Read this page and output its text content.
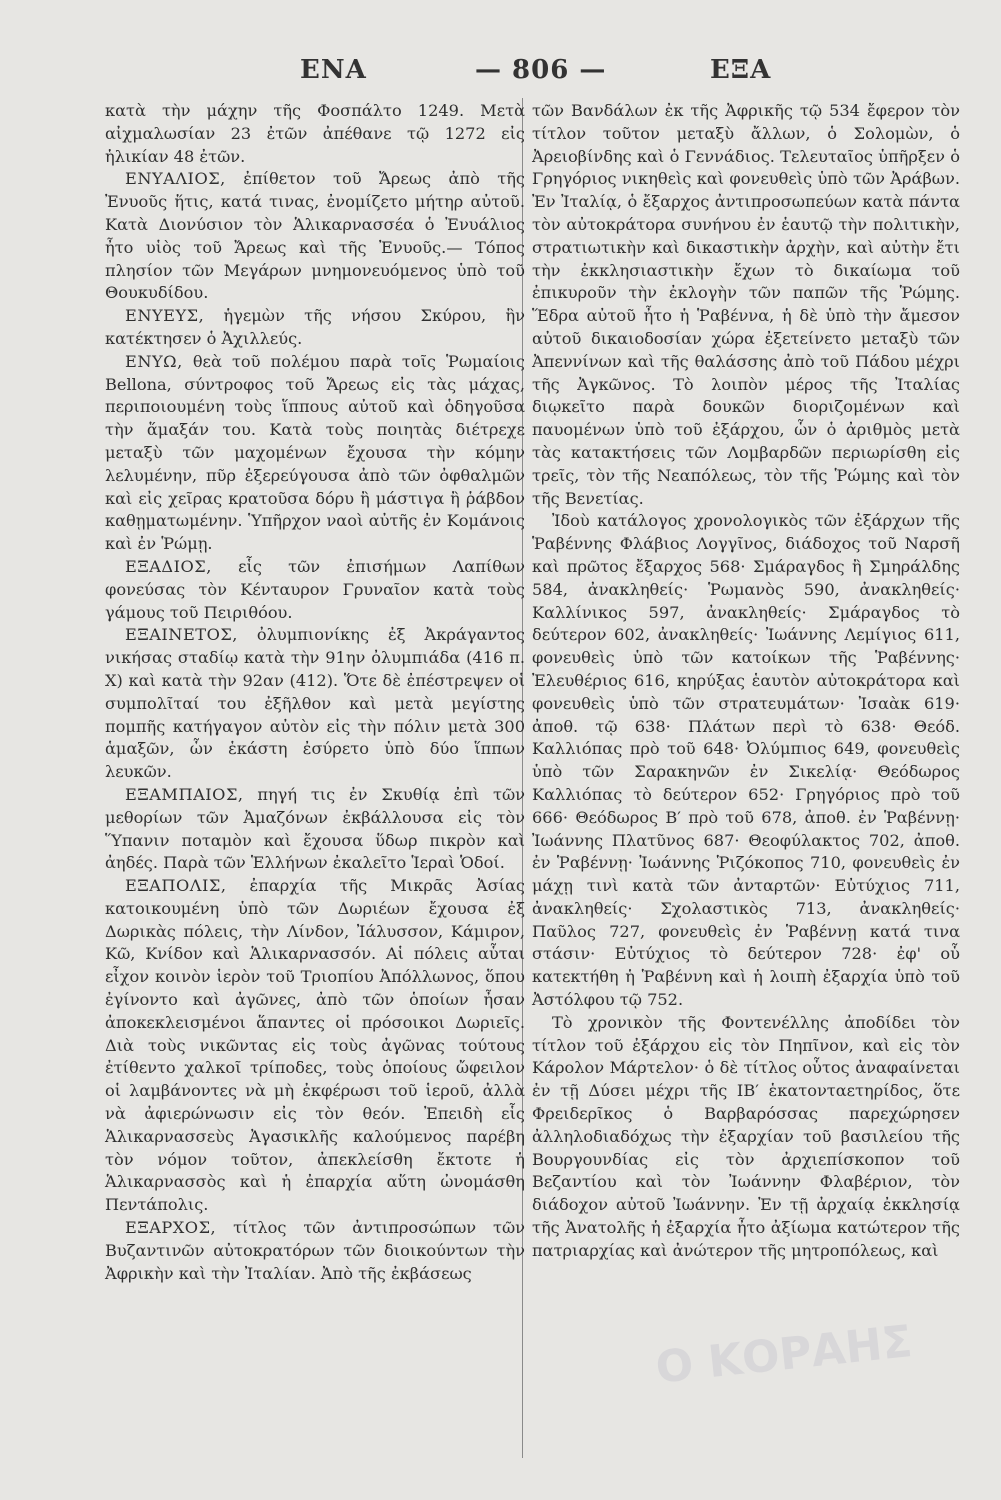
ΕΝΑ	— 806 —	ΕΞΑ

κατὰ τὴν μάχην τῆς Φοσπάλτο 1249. Μετὰ αἰχμαλωσίαν 23 ἐτῶν ἀπέθανε τῷ 1272 εἰς ἡλικίαν 48 ἐτῶν.

ΕΝΥΑΛΙΟΣ, ἐπίθετον τοῦ Ἄρεως ἀπὸ τῆς Ἐνυοῦς ἥτις, κατά τινας, ἐνομίζετο μήτηρ αὐτοῦ. Κατὰ Διονύσιον τὸν Ἁλικαρνασσέα ὁ Ἐνυάλιος ἦτο υἱὸς τοῦ Ἄρεως καὶ τῆς Ἐνυοῦς.— Τόπος πλησίον τῶν Μεγάρων μνημονευόμενος ὑπὸ τοῦ Θουκυδίδου.

ΕΝΥΕΥΣ, ἡγεμὼν τῆς νήσου Σκύρου, ἣν κατέκτησεν ὁ Ἀχιλλεύς.

ΕΝΥΩ, θεὰ τοῦ πολέμου παρὰ τοῖς Ῥωμαίοις Bellona, σύντροφος τοῦ Ἄρεως εἰς τὰς μάχας, περιποιουμένη τοὺς ἵππους αὐτοῦ καὶ ὁδηγοῦσα τὴν ἅμαξάν του. Κατὰ τοὺς ποιητὰς διέτρεχε μεταξὺ τῶν μαχομένων ἔχουσα τὴν κόμην λελυμένην, πῦρ ἐξερεύγουσα ἀπὸ τῶν ὀφθαλμῶν καὶ εἰς χεῖρας κρατοῦσα δόρυ ἢ μάστιγα ἢ ῥάβδον καθῃματωμένην. Ὑπῆρχον ναοὶ αὐτῆς ἐν Κομάνοις καὶ ἐν Ῥώμῃ.

ΕΞΑΔΙΟΣ, εἷς τῶν ἐπισήμων Λαπίθων φονεύσας τὸν Κένταυρον Γρυναῖον κατὰ τοὺς γάμους τοῦ Πειριθόου.

ΕΞΑΙΝΕΤΟΣ, ὀλυμπιονίκης ἐξ Ἀκράγαντος νικήσας σταδίῳ κατὰ τὴν 91ην ὀλυμπιάδα (416 π. Χ) καὶ κατὰ τὴν 92αν (412). Ὅτε δὲ ἐπέστρεψεν οἱ συμπολῖταί του ἐξῆλθον καὶ μετὰ μεγίστης πομπῆς κατήγαγον αὐτὸν εἰς τὴν πόλιν μετὰ 300 ἁμαξῶν, ὧν ἑκάστη ἐσύρετο ὑπὸ δύο ἵππων λευκῶν.

ΕΞΑΜΠΑΙΟΣ, πηγή τις ἐν Σκυθίᾳ ἐπὶ τῶν μεθορίων τῶν Ἀμαζόνων ἐκβάλλουσα εἰς τὸν Ὕπανιν ποταμὸν καὶ ἔχουσα ὕδωρ πικρὸν καὶ ἀηδές. Παρὰ τῶν Ἑλλήνων ἐκαλεῖτο Ἱεραὶ Ὁδοί.

ΕΞΑΠΟΛΙΣ, ἐπαρχία τῆς Μικρᾶς Ἀσίας κατοικουμένη ὑπὸ τῶν Δωριέων ἔχουσα ἐξ Δωρικὰς πόλεις, τὴν Λίνδον, Ἰάλυσσον, Κάμιρον, Κῶ, Κνίδον καὶ Ἁλικαρνασσόν. Αἱ πόλεις αὗται εἶχον κοινὸν ἱερὸν τοῦ Τριοπίου Ἀπόλλωνος, ὅπου ἐγίνοντο καὶ ἀγῶνες, ἀπὸ τῶν ὁποίων ἦσαν ἀποκεκλεισμένοι ἅπαντες οἱ πρόσοικοι Δωριεῖς. Διὰ τοὺς νικῶντας εἰς τοὺς ἀγῶνας τούτους ἐτίθεντο χαλκοῖ τρίποδες, τοὺς ὁποίους ὤφειλον οἱ λαμβάνοντες νὰ μὴ ἐκφέρωσι τοῦ ἱεροῦ, ἀλλὰ νὰ ἀφιερώνωσιν εἰς τὸν θεόν. Ἐπειδὴ εἷς Ἁλικαρνασσεὺς Ἀγασικλῆς καλούμενος παρέβη τὸν νόμον τοῦτον, ἀπεκλείσθη ἔκτοτε ἡ Ἁλικαρνασσὸς καὶ ἡ ἐπαρχία αὕτη ὠνομάσθη Πεντάπολις.

ΕΞΑΡΧΟΣ, τίτλος τῶν ἀντιπροσώπων τῶν Βυζαντινῶν αὐτοκρατόρων τῶν διοικούντων τὴν Ἀφρικὴν καὶ τὴν Ἰταλίαν. Ἀπὸ τῆς ἐκβάσεως

τῶν Βανδάλων ἐκ τῆς Ἀφρικῆς τῷ 534 ἔφερον τὸν τίτλον τοῦτον μεταξὺ ἄλλων, ὁ Σολομὼν, ὁ Ἀρειοβίνδης καὶ ὁ Γεννάδιος. Τελευταῖος ὑπῆρξεν ὁ Γρηγόριος νικηθεὶς καὶ φονευθεὶς ὑπὸ τῶν Ἀράβων. Ἐν Ἰταλίᾳ, ὁ ἔξαρχος ἀντιπροσωπεύων κατὰ πάντα τὸν αὐτοκράτορα συνήνου ἐν ἑαυτῷ τὴν πολιτικὴν, στρατιωτικὴν καὶ δικαστικὴν ἀρχὴν, καὶ αὐτὴν ἔτι τὴν ἐκκλησιαστικὴν ἔχων τὸ δικαίωμα τοῦ ἐπικυροῦν τὴν ἐκλογὴν τῶν παπῶν τῆς Ῥώμης. Ἕδρα αὐτοῦ ἦτο ἡ Ῥαβέννα, ἡ δὲ ὑπὸ τὴν ἄμεσον αὐτοῦ δικαιοδοσίαν χώρα ἐξετείνετο μεταξὺ τῶν Ἀπεννίνων καὶ τῆς θαλάσσης ἀπὸ τοῦ Πάδου μέχρι τῆς Ἀγκῶνος. Τὸ λοιπὸν μέρος τῆς Ἰταλίας διῳκεῖτο παρὰ δουκῶν διοριζομένων καὶ παυομένων ὑπὸ τοῦ ἐξάρχου, ὧν ὁ ἀριθμὸς μετὰ τὰς κατακτήσεις τῶν Λομβαρδῶν περιωρίσθη εἰς τρεῖς, τὸν τῆς Νεαπόλεως, τὸν τῆς Ῥώμης καὶ τὸν τῆς Βενετίας.

Ἰδοὺ κατάλογος χρονολογικὸς τῶν ἐξάρχων τῆς Ῥαβέννης Φλάβιος Λογγῖνος, διάδοχος τοῦ Ναρσῆ καὶ πρῶτος ἔξαρχος 568· Σμάραγδος ἢ Σμηράλδης 584, ἀνακληθείς· Ῥωμανὸς 590, ἀνακληθείς· Καλλίνικος 597, ἀνακληθείς· Σμάραγδος τὸ δεύτερον 602, ἀνακληθείς· Ἰωάννης Λεμίγιος 611, φονευθεὶς ὑπὸ τῶν κατοίκων τῆς Ῥαβέννης· Ἐλευθέριος 616, κηρύξας ἑαυτὸν αὐτοκράτορα καὶ φονευθεὶς ὑπὸ τῶν στρατευμάτων· Ἰσαὰκ 619· ἀποθ. τῷ 638· Πλάτων περὶ τὸ 638· Θεόδ. Καλλιόπας πρὸ τοῦ 648· Ὀλύμπιος 649, φονευθεὶς ὑπὸ τῶν Σαρακηνῶν ἐν Σικελίᾳ· Θεόδωρος Καλλιόπας τὸ δεύτερον 652· Γρηγόριος πρὸ τοῦ 666· Θεόδωρος Β′ πρὸ τοῦ 678, ἀποθ. ἐν Ῥαβέννῃ· Ἰωάννης Πλατῦνος 687· Θεοφύλακτος 702, ἀποθ. ἐν Ῥαβέννῃ· Ἰωάννης Ῥιζόκοπος 710, φονευθεὶς ἐν μάχῃ τινὶ κατὰ τῶν ἀνταρτῶν· Εὐτύχιος 711, ἀνακληθείς· Σχολαστικὸς 713, ἀνακληθείς· Παῦλος 727, φονευθεὶς ἐν Ῥαβέννῃ κατά τινα στάσιν· Εὐτύχιος τὸ δεύτερον 728· ἐφ' οὗ κατεκτήθη ἡ Ῥαβέννη καὶ ἡ λοιπὴ ἐξαρχία ὑπὸ τοῦ Ἀστόλφου τῷ 752.

Τὸ χρονικὸν τῆς Φοντενέλλης ἀποδίδει τὸν τίτλον τοῦ ἐξάρχου εἰς τὸν Πηπῖνον, καὶ εἰς τὸν Κάρολον Μάρτελον· ὁ δὲ τίτλος οὗτος ἀναφαίνεται ἐν τῇ Δύσει μέχρι τῆς ΙΒ′ ἑκατονταετηρίδος, ὅτε Φρειδερῖκος ὁ Βαρβαρόσσας παρεχώρησεν ἀλληλοδιαδόχως τὴν ἐξαρχίαν τοῦ βασιλείου τῆς Βουργουνδίας εἰς τὸν ἀρχιεπίσκοπον τοῦ Βεζαντίου καὶ τὸν Ἰωάννην Φλαβέριον, τὸν διάδοχον αὐτοῦ Ἰωάννην. Ἐν τῇ ἀρχαίᾳ ἐκκλησίᾳ τῆς Ἀνατολῆς ἡ ἐξαρχία ἦτο ἀξίωμα κατώτερον τῆς πατριαρχίας καὶ ἀνώτερον τῆς μητροπόλεως, καὶ

Ο ΚΟΡΑΗΣ
